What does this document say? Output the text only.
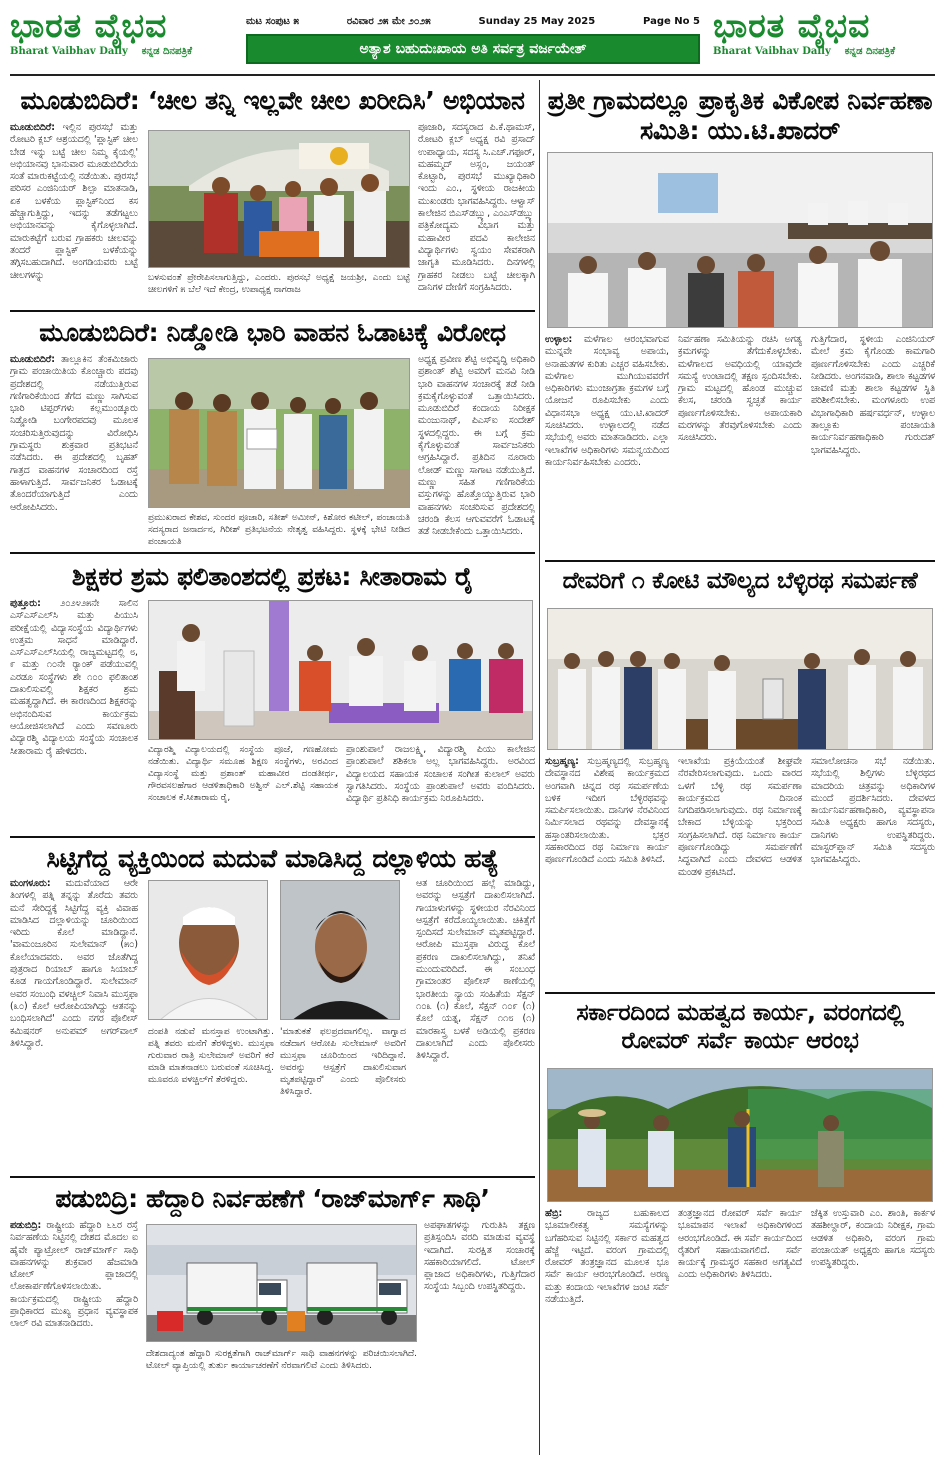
ಭಾರತ ವೈಭವ
Bharat Vaibhav Daily ಕನ್ನಡ ದಿನಪತ್ರಿಕೆ
ಮಟ ಸಂಪುಟ ೫	ರವಿವಾರ ೨೫ ಮೇ ೨೦೨೫	Sunday 25 May 2025	Page No 5
ಅತ್ಯಾಶ ಬಹುದುಃಖಾಯ ಅತಿ ಸರ್ವತ್ರ ವರ್ಜಯೇತ್
ಭಾರತ ವೈಭವ
Bharat Vaibhav Daily ಕನ್ನಡ ದಿನಪತ್ರಿಕೆ
ಮೂಡುಬಿದಿರೆ: ‘ಚೀಲ ತನ್ನಿ ಇಲ್ಲವೇ ಚೀಲ ಖರೀದಿಸಿ’ ಅಭಿಯಾನ
ಮೂಡುಬಿದಿರೆ: ಇಲ್ಲಿನ ಪುರಸಭೆ ಮತ್ತು ರೋಟರಿ ಕ್ಲಬ್ ಆಶ್ರಯದಲ್ಲಿ 'ಪ್ಲಾಸ್ಟಿಕ್ ಚೀಲ ಬೇಡ ಇನ್ನು ಬಟ್ಟೆ ಚೀಲ ನಿಮ್ಮ ಕೈಯಲ್ಲಿ' ಅಭಿಯಾನವು ಭಾನುವಾರ ಮೂಡುಬಿದಿರೆಯ ಸಂತೆ ಮಾರುಕಟ್ಟೆಯಲ್ಲಿ ನಡೆಯಿತು. ಪುರಸಭೆ ಪರಿಸರ ಎಂಜಿನಿಯರ್ ಶಿಲ್ಪಾ ಮಾತನಾಡಿ, ಏಕ ಬಳಕೆಯ ಪ್ಲಾಸ್ಟಿಕ್‌ನಿಂದ ಕಸ ಹೆಚ್ಚಾಗುತ್ತಿದ್ದು, ಇದನ್ನು ತಡೆಗಟ್ಟಲು ಅಭಿಯಾನವನ್ನು ಕೈಗೊಳ್ಳಲಾಗಿದೆ. ಮಾರುಕಟ್ಟೆಗೆ ಬರುವ ಗ್ರಾಹಕರು ಚೀಲವನ್ನು ತಂದರೆ ಪ್ಲಾಸ್ಟಿಕ್ ಬಳಕೆಯನ್ನು ತಗ್ಗಿಸಬಹುದಾಗಿದೆ. ಅಂಗಡಿಯವರು ಬಟ್ಟೆ ಚೀಲಗಳನ್ನು	ಬಳಸುವಂತೆ ಪ್ರೇರೇಪಿಸಲಾಗುತ್ತಿದ್ದು, ಎಂದರು. ಪುರಸಭೆ ಅಧ್ಯಕ್ಷೆ ಜಯಶ್ರೀ, ಎಂದು ಬಟ್ಟೆ ಚೀಲಗಳಿಗೆ ೫ ಬೆಲೆ ಇದೆ ಕೇಂದ್ರ, ಉಪಾಧ್ಯಕ್ಷ ನಾಗರಾಜ
ಪೂಜಾರಿ, ಸದಸ್ಯರಾದ ಪಿ.ಕೆ.ಥಾಮಸ್, ರೋಟರಿ ಕ್ಲಬ್ ಅಧ್ಯಕ್ಷ ರವಿ ಪ್ರಸಾದ್ ಉಪಾಧ್ಯಾಯ, ಸದಸ್ಯ ಸಿ.ಎಚ್.ಗಫೂರ್, ಮಹಮ್ಮದ್ ಅಸ್ಲಂ, ಜಯಂತ್ ಕೊಟ್ಟಾರಿ, ಪುರಸಭೆ ಮುಖ್ಯಾಧಿಕಾರಿ ಇಂದು ಎಂ., ಸ್ಥಳೀಯ ರಾಜಕೀಯ ಮುಖಂಡರು ಭಾಗವಹಿಸಿದ್ದರು. ಆಳ್ವಾಸ್ ಕಾಲೇಜಿನ ಬಿಎಸ್‌ಡಬ್ಲ್ಯು, ಎಂಎಸ್‌ಡಬ್ಲ್ಯು ಪತ್ರಿಕೋದ್ಯಮ ವಿಭಾಗ ಮತ್ತು ಮಹಾವೀರ ಪದವಿ ಕಾಲೇಜಿನ ವಿದ್ಯಾರ್ಥಿಗಳು ಸ್ವಯಂ ಸೇವಕರಾಗಿ ಜಾಗೃತಿ ಮೂಡಿಸಿದರು. ದಿನಗಳಲ್ಲಿ ಗ್ರಾಹಕರ ನೀಡಲು ಬಟ್ಟೆ ಚೀಲಕ್ಕಾಗಿ ದಾನಿಗಳ ದೇಣಿಗೆ ಸಂಗ್ರಹಿಸಿದರು.
ಮೂಡುಬಿದಿರೆ: ನಿಡ್ಡೋಡಿ ಭಾರಿ ವಾಹನ ಓಡಾಟಕ್ಕೆ ವಿರೋಧ
ಮೂಡುಬಿದಿರೆ: ತಾಲ್ಲೂಕಿನ ತೆಂಕಮಿಜಾರು ಗ್ರಾಮ ಪಂಚಾಯಿತಿಯ ಕೊಂಚ್ಚಾರು ಪದವು ಪ್ರದೇಶದಲ್ಲಿ ನಡೆಯುತ್ತಿರುವ ಗಣಿಗಾರಿಕೆಯಿಂದ ತೆಗೆದ ಮಣ್ಣು ಸಾಗಿಸುವ ಭಾರಿ ಟಿಪ್ಪರ್‌ಗಳು ಕಲ್ಲಮುಂಡ್ಕೂರು ನಿಡ್ಡೋಡಿ ಬಂಗೇರಪದವು ಮೂಲಕ ಸಂಚರಿಸುತ್ತಿರುವುದನ್ನು ವಿರೋಧಿಸಿ ಗ್ರಾಮಸ್ಥರು ಶುಕ್ರವಾರ ಪ್ರತಿಭಟನೆ ನಡೆಸಿದರು. ಈ ಪ್ರದೇಶದಲ್ಲಿ ಬೃಹತ್ ಗಾತ್ರದ ವಾಹನಗಳ ಸಂಚಾರದಿಂದ ರಸ್ತೆ ಹಾಳಾಗುತ್ತಿದೆ. ಸಾರ್ವಜನಿಕರ ಓಡಾಟಕ್ಕೆ ತೊಂದರೆಯಾಗುತ್ತಿದೆ ಎಂದು ಆರೋಪಿಸಿದರು.
ಪ್ರಮುಖರಾದ ಕೇಶವ, ಸುಂದರ ಪೂಜಾರಿ, ಸತೀಶ್ ಅಮೀನ್, ಕಿಶೋರ ಕಟೀಲ್, ಪಂಚಾಯತಿ ಸದಸ್ಯರಾದ ಜನಾರ್ದನ, ಗಿರೀಶ್ ಪ್ರತಿಭಟನೆಯ ನೇತೃತ್ವ ವಹಿಸಿದ್ದರು. ಸ್ಥಳಕ್ಕೆ ಭೇಟಿ ನೀಡಿದ ಪಂಚಾಯತಿ
ಅಧ್ಯಕ್ಷ ಪ್ರವೀಣ ಶೆಟ್ಟಿ ಅಭಿವೃದ್ಧಿ ಅಧಿಕಾರಿ ಪ್ರಶಾಂತ್ ಶೆಟ್ಟಿ ಅವರಿಗೆ ಮನವಿ ನೀಡಿ ಭಾರಿ ವಾಹನಗಳ ಸಂಚಾರಕ್ಕೆ ತಡೆ ನೀಡಿ ಕ್ರಮಕೈಗೊಳ್ಳುವಂತೆ ಒತ್ತಾಯಿಸಿದರು. ಮೂಡುಬಿದಿರೆ ಕಂದಾಯ ನಿರೀಕ್ಷಕ ಮಂಜುನಾಥ್, ಪಿಎಸ್ಐ ಸಂದೇಶ್ ಸ್ಥಳದಲ್ಲಿದ್ದರು. ಈ ಬಗ್ಗೆ ಕ್ರಮ ಕೈಗೊಳ್ಳುವಂತೆ ಸಾರ್ವಜನಿಕರು ಆಗ್ರಹಿಸಿದ್ದಾರೆ. ಪ್ರತಿದಿನ ನೂರಾರು ಲೋಡ್ ಮಣ್ಣು ಸಾಗಾಟ ನಡೆಯುತ್ತಿದೆ. ಮಣ್ಣು ಸಹಿತ ಗಣಿಗಾರಿಕೆಯ ವಸ್ತುಗಳನ್ನು ಹೊತ್ತೊಯ್ಯುತ್ತಿರುವ ಭಾರಿ ವಾಹನಗಳು ಸಂಚರಿಸುವ ಪ್ರದೇಶದಲ್ಲಿ ಚರಂಡಿ ಕೆಲಸ ಆಗುವವರೆಗೆ ಓಡಾಟಕ್ಕೆ ತಡೆ ನೀಡಬೇಕೆಂದು ಒತ್ತಾಯಿಸಿದರು.
ಶಿಕ್ಷಕರ ಶ್ರಮ ಫಲಿತಾಂಶದಲ್ಲಿ ಪ್ರಕಟ: ಸೀತಾರಾಮ ರೈ
ಪುತ್ತೂರು: ೨೦೨೪೨೫ನೇ ಸಾಲಿನ ಎಸ್ಎಸ್ಎಲ್‌ಸಿ ಮತ್ತು ಪಿಯುಸಿ ಪರೀಕ್ಷೆಯಲ್ಲಿ ವಿದ್ಯಾಸಂಸ್ಥೆಯ ವಿದ್ಯಾರ್ಥಿಗಳು ಉತ್ತಮ ಸಾಧನೆ ಮಾಡಿದ್ದಾರೆ. ಎಸ್ಎಸ್ಎಲ್‌ಸಿಯಲ್ಲಿ ರಾಜ್ಯಮಟ್ಟದಲ್ಲಿ ೮, ೯ ಮತ್ತು ೧೦ನೇ ರ್‍ಯಾಂಕ್ ಪಡೆಯುವಲ್ಲಿ ಎರಡೂ ಸಂಸ್ಥೆಗಳು ಶೇ ೧೦೦ ಫಲಿತಾಂಶ ದಾಖಲಿಸುವಲ್ಲಿ ಶಿಕ್ಷಕರ ಶ್ರಮ ಮಹತ್ವದ್ದಾಗಿದೆ. ಈ ಕಾರಣದಿಂದ ಶಿಕ್ಷಕರನ್ನು ಅಭಿನಂದಿಸುವ ಕಾರ್ಯಕ್ರಮ ಆಯೋಜಿಸಲಾಗಿದೆ ಎಂದು ಸವಣೂರು ವಿದ್ಯಾರಶ್ಮಿ ವಿದ್ಯಾಲಯ ಸಂಸ್ಥೆಯ ಸಂಚಾಲಕ ಸೀತಾರಾಮ ರೈ ಹೇಳಿದರು.	ವಿದ್ಯಾರಶ್ಮಿ ವಿದ್ಯಾಲಯದಲ್ಲಿ ಸಂಸ್ಥೆಯ ಪೂಜೆ, ಗಣಹೋಮ ನಡೆಯಿತು. ವಿದ್ಯಾರ್ಥಿ ಸಮೂಹ ಶಿಕ್ಷಣ ಸಂಸ್ಥೆಗಳು, ಅರವಿಂದ ವಿದ್ಯಾಸಂಸ್ಥೆ ಮತ್ತು ಪ್ರಶಾಂತ್ ಮಹಾವೀರ ದಂಡತೀರ್ಥ, ಗೌರವಸಲಹೆಗಾರ ಆಡಳಿತಾಧಿಕಾರಿ ಅಶ್ವಿನ್ ಎಲ್.ಶೆಟ್ಟಿ ಸಹಾಯಕ ಸಂಚಾಲಕ ಕೆ.ಸೀತಾರಾಮ ರೈ,
ಪ್ರಾಂಶುಪಾಲೆ ರಾಜಲಕ್ಷ್ಮಿ, ವಿದ್ಯಾರಶ್ಮಿ ಪಿಯು ಕಾಲೇಜಿನ ಪ್ರಾಂಶುಪಾಲೆ ಶಶಿಕಲಾ ಅಲ್ಲ ಭಾಗವಹಿಸಿದ್ದರು. ಅರವಿಂದ ವಿದ್ಯಾಲಯದ ಸಹಾಯಕ ಸಂಚಾಲಕ ಸಂಗೀತ ಕುಲಾಲ್ ಅವರು ಸ್ವಾಗತಿಸಿದರು. ಸಂಸ್ಥೆಯ ಪ್ರಾಂಶುಪಾಲೆ ಅವರು ವಂದಿಸಿದರು. ವಿದ್ಯಾರ್ಥಿ ಪ್ರತಿನಿಧಿ ಕಾರ್ಯಕ್ರಮ ನಿರೂಪಿಸಿದರು.
ಸಿಟ್ಟಿಗೆದ್ದ ವ್ಯಕ್ತಿಯಿಂದ ಮದುವೆ ಮಾಡಿಸಿದ್ದ ದಲ್ಲಾಳಿಯ ಹತ್ಯೆ
ಮಂಗಳೂರು: ಮದುವೆಯಾದ ಆರೇ ತಿಂಗಳಲ್ಲಿ ಪತ್ನಿ ತನ್ನನ್ನು ತೊರೆದು ತವರು ಮನೆ ಸೇರಿದ್ದಕ್ಕೆ ಸಿಟ್ಟಿಗೆದ್ದ ವ್ಯಕ್ತಿ ವಿವಾಹ ಮಾಡಿಸಿದ ದಲ್ಲಾಳಿಯನ್ನು ಚೂರಿಯಿಂದ ಇರಿದು ಕೊಲೆ ಮಾಡಿದ್ದಾನೆ. 'ವಾಮಂಜೂರಿನ ಸುಲೇಮಾನ್ (೫೦) ಕೊಲೆಯಾದವರು. ಅವರ ಜೊತೆಗಿದ್ದ ಪುತ್ರರಾದ ರಿಯಾಬ್ ಹಾಗೂ ಸಿಯಾಬ್ ಕೂಡ ಗಾಯಗೊಂಡಿದ್ದಾರೆ. ಸುಲೇಮಾನ್ ಅವರ ಸಂಬಂಧಿ ವಳಚ್ಚಿಲ್ ನಿವಾಸಿ ಮುಸ್ತಫಾ (೩೦) ಕೊಲೆ ಆರೋಪಿಯಾಗಿದ್ದು ಆತನನ್ನು ಬಂಧಿಸಲಾಗಿದೆ' ಎಂದು ನಗರ ಪೊಲೀಸ್ ಕಮಿಷನರ್ ಅನುಪಮ್ ಅಗರ್‌ವಾಲ್ ತಿಳಿಸಿದ್ದಾರೆ.
ದಂಪತಿ ನಡುವೆ ಮನಸ್ತಾಪ ಉಂಟಾಗಿತ್ತು. ಪತ್ನಿ ತವರು ಮನೆಗೆ ತೆರಳಿದ್ದಳು. ಮುಸ್ತಫಾ ಗುರುವಾರ ರಾತ್ರಿ ಸುಲೇಮಾನ್ ಅವರಿಗೆ ಕರೆ ಮಾಡಿ ಮಾತನಾಡಲು ಬರುವಂತೆ ಸೂಚಿಸಿದ್ದ. ಮೂವರೂ ವಳಚ್ಚಿಲ್‌ಗೆ ತೆರಳಿದ್ದರು.
'ಮಾತುಕತೆ ಫಲಪ್ರದವಾಗಲಿಲ್ಲ. ವಾಗ್ವಾದ ನಡೆದಾಗ ಆರೋಪಿ ಸುಲೇಮಾನ್ ಅವರಿಗೆ ಮುಸ್ತಫಾ ಚೂರಿಯಿಂದ ಇರಿದಿದ್ದಾನೆ. ಅವರನ್ನು ಆಸ್ಪತ್ರೆಗೆ ದಾಖಲಿಸುವಾಗ ಮೃತಪಟ್ಟಿದ್ದಾರೆ' ಎಂದು ಪೊಲೀಸರು ತಿಳಿಸಿದ್ದಾರೆ.
ಆತ ಚೂರಿಯಿಂದ ಹಲ್ಲೆ ಮಾಡಿದ್ದು, ಅವರನ್ನು ಆಸ್ಪತ್ರೆಗೆ ದಾಖಲಿಸಲಾಗಿದೆ. ಗಾಯಾಳುಗಳನ್ನು ಸ್ಥಳೀಯರ ನೆರವಿನಿಂದ ಆಸ್ಪತ್ರೆಗೆ ಕರೆದೊಯ್ಯಲಾಯಿತು. ಚಿಕಿತ್ಸೆಗೆ ಸ್ಪಂದಿಸದೆ ಸುಲೇಮಾನ್ ಮೃತಪಟ್ಟಿದ್ದಾರೆ. ಆರೋಪಿ ಮುಸ್ತಫಾ ವಿರುದ್ಧ ಕೊಲೆ ಪ್ರಕರಣ ದಾಖಲಿಸಲಾಗಿದ್ದು, ತನಿಖೆ ಮುಂದುವರಿದಿದೆ. ಈ ಸಂಬಂಧ ಗ್ರಾಮಾಂತರ ಪೊಲೀಸ್ ಠಾಣೆಯಲ್ಲಿ ಭಾರತೀಯ ನ್ಯಾಯ ಸಂಹಿತೆಯ ಸೆಕ್ಷನ್ ೧೦೩ (೧) ಕೊಲೆ, ಸೆಕ್ಷನ್ ೧೦೯ (೧) ಕೊಲೆ ಯತ್ನ, ಸೆಕ್ಷನ್ ೧೧೮ (೧) ಮಾರಕಾಸ್ತ್ರ ಬಳಕೆ ಅಡಿಯಲ್ಲಿ ಪ್ರಕರಣ ದಾಖಲಾಗಿದೆ ಎಂದು ಪೊಲೀಸರು ತಿಳಿಸಿದ್ದಾರೆ.
ಪಡುಬಿದ್ರಿ: ಹೆದ್ದಾರಿ ನಿರ್ವಹಣೆಗೆ ‘ರಾಜ್‌ಮಾರ್ಗ್ ಸಾಥಿ’
ಪಡುಬಿದ್ರಿ: ರಾಷ್ಟ್ರೀಯ ಹೆದ್ದಾರಿ ೬೬ರ ರಸ್ತೆ ನಿರ್ವಹಣೆಯ ನಿಟ್ಟಿನಲ್ಲಿ ದೇಶದ ಮೊದಲ ಐ ಹೈವೇ ಪ್ಯಾಟ್ರೋಲ್ ರಾಜ್‌ಮಾರ್ಗ್ ಸಾಥಿ ವಾಹನಗಳನ್ನು ಶುಕ್ರವಾರ ಹೆಜಮಾಡಿ ಟೋಲ್ ಪ್ಲಾಜಾದಲ್ಲಿ ಲೋಕಾರ್ಪಣೆಗೊಳಿಸಲಾಯಿತು. ಕಾರ್ಯಕ್ರಮದಲ್ಲಿ ರಾಷ್ಟ್ರೀಯ ಹೆದ್ದಾರಿ ಪ್ರಾಧಿಕಾರದ ಮುಖ್ಯ ಪ್ರಧಾನ ವ್ಯವಸ್ಥಾಪಕ ಲಾಲ್ ರವಿ ಮಾತನಾಡಿದರು.
ದೇಶದಾದ್ಯಂತ ಹೆದ್ದಾರಿ ಸುರಕ್ಷತೆಗಾಗಿ ರಾಜ್‌ಮಾರ್ಗ್ ಸಾಥಿ ವಾಹನಗಳನ್ನು ಪರಿಚಯಿಸಲಾಗಿದೆ. ಟೋಲ್ ವ್ಯಾಪ್ತಿಯಲ್ಲಿ ತುರ್ತು ಕಾರ್ಯಾಚರಣೆಗೆ ನೆರವಾಗಲಿವೆ ಎಂದು ತಿಳಿಸಿದರು.
ಅಪಘಾತಗಳನ್ನು ಗುರುತಿಸಿ ತಕ್ಷಣ ಪ್ರತಿಸ್ಪಂದಿಸಿ ವರದಿ ಮಾಡುವ ವ್ಯವಸ್ಥೆ ಇದಾಗಿದೆ. ಸುರಕ್ಷಿತ ಸಂಚಾರಕ್ಕೆ ಸಹಕಾರಿಯಾಗಲಿದೆ. ಟೋಲ್ ಪ್ಲಾಜಾದ ಅಧಿಕಾರಿಗಳು, ಗುತ್ತಿಗೆದಾರ ಸಂಸ್ಥೆಯ ಸಿಬ್ಬಂದಿ ಉಪಸ್ಥಿತರಿದ್ದರು.
ಪ್ರತೀ ಗ್ರಾಮದಲ್ಲೂ ಪ್ರಾಕೃತಿಕ ವಿಕೋಪ ನಿರ್ವಹಣಾ ಸಮಿತಿ: ಯು.ಟಿ.ಖಾದರ್
ಉಳ್ಳಾಲ: ಮಳೆಗಾಲ ಆರಂಭವಾಗುವ ಮುನ್ನವೇ ಸಂಭಾವ್ಯ ಅಪಾಯ, ಅನಾಹುತಗಳ ಕುರಿತು ಎಚ್ಚರ ವಹಿಸಬೇಕು. ಮಳೆಗಾಲ ಮುಗಿಯುವವರೆಗೆ ಅಧಿಕಾರಿಗಳು ಮುಂಜಾಗ್ರತಾ ಕ್ರಮಗಳ ಬಗ್ಗೆ ಯೋಜನೆ ರೂಪಿಸಬೇಕು ಎಂದು ವಿಧಾನಸಭಾ ಅಧ್ಯಕ್ಷ ಯು.ಟಿ.ಖಾದರ್ ಸೂಚಿಸಿದರು. ಉಳ್ಳಾಲದಲ್ಲಿ ನಡೆದ ಸಭೆಯಲ್ಲಿ ಅವರು ಮಾತನಾಡಿದರು. ಎಲ್ಲಾ ಇಲಾಖೆಗಳ ಅಧಿಕಾರಿಗಳು ಸಮನ್ವಯದಿಂದ ಕಾರ್ಯನಿರ್ವಹಿಸಬೇಕು ಎಂದರು.
ನಿರ್ವಹಣಾ ಸಮಿತಿಯನ್ನು ರಚಿಸಿ ಅಗತ್ಯ ಕ್ರಮಗಳನ್ನು ತೆಗೆದುಕೊಳ್ಳಬೇಕು. ಮಳೆಗಾಲದ ಅವಧಿಯಲ್ಲಿ ಯಾವುದೇ ಸಮಸ್ಯೆ ಉಂಟಾದಲ್ಲಿ ತಕ್ಷಣ ಸ್ಪಂದಿಸಬೇಕು. ಗ್ರಾಮ ಮಟ್ಟದಲ್ಲಿ ಹೊಂಡ ಮುಚ್ಚುವ ಕೆಲಸ, ಚರಂಡಿ ಸ್ವಚ್ಛತೆ ಕಾರ್ಯ ಪೂರ್ಣಗೊಳಿಸಬೇಕು. ಅಪಾಯಕಾರಿ ಮರಗಳನ್ನು ತೆರವುಗೊಳಿಸಬೇಕು ಎಂದು ಸೂಚಿಸಿದರು.
ಗುತ್ತಿಗೆದಾರ, ಸ್ಥಳೀಯ ಎಂಜಿನಿಯರ್ ಮೇಲೆ ಕ್ರಮ ಕೈಗೊಂಡು ಕಾಮಗಾರಿ ಪೂರ್ಣಗೊಳಿಸಬೇಕು ಎಂದು ಎಚ್ಚರಿಕೆ ನೀಡಿದರು. ಅಂಗನವಾಡಿ, ಶಾಲಾ ಕಟ್ಟಡಗಳ ಚಾವಣಿ ಮತ್ತು ಶಾಲಾ ಕಟ್ಟಡಗಳ ಸ್ಥಿತಿ ಪರಿಶೀಲಿಸಬೇಕು. ಮಂಗಳೂರು ಉಪ ವಿಭಾಗಾಧಿಕಾರಿ ಹರ್ಷವರ್ಧನ್, ಉಳ್ಳಾಲ ತಾಲ್ಲೂಕು ಪಂಚಾಯತಿ ಕಾರ್ಯನಿರ್ವಹಣಾಧಿಕಾರಿ ಗುರುದತ್ ಭಾಗವಹಿಸಿದ್ದರು.
ದೇವರಿಗೆ ೧ ಕೋಟಿ ಮೌಲ್ಯದ ಬೆಳ್ಳಿರಥ ಸಮರ್ಪಣೆ
ಸುಬ್ರಹ್ಮಣ್ಯ: ಸುಬ್ರಹ್ಮಣ್ಯದಲ್ಲಿ ಸುಬ್ರಹ್ಮಣ್ಯ ದೇವಸ್ಥಾನದ ವಿಶೇಷ ಕಾರ್ಯಕ್ರಮದ ಅಂಗವಾಗಿ ಚಿನ್ನದ ರಥ ಸಮರ್ಪಣೆಯ ಬಳಿಕ ಇದೀಗ ಬೆಳ್ಳಿರಥವನ್ನು ಸಮರ್ಪಿಸಲಾಯಿತು. ದಾನಿಗಳ ನೆರವಿನಿಂದ ನಿರ್ಮಿಸಲಾದ ರಥವನ್ನು ದೇವಸ್ಥಾನಕ್ಕೆ ಹಸ್ತಾಂತರಿಸಲಾಯಿತು. ಭಕ್ತರ ಸಹಕಾರದಿಂದ ರಥ ನಿರ್ಮಾಣ ಕಾರ್ಯ ಪೂರ್ಣಗೊಂಡಿದೆ ಎಂದು ಸಮಿತಿ ತಿಳಿಸಿದೆ.
ಇಲಾಖೆಯ ಪ್ರಕ್ರಿಯೆಯಂತೆ ಶೀಘ್ರವೇ ನೆರವೇರಿಸಲಾಗುವುದು. ಒಂದು ವಾರದ ಒಳಗೆ ಬೆಳ್ಳಿ ರಥ ಸಮರ್ಪಣಾ ಕಾರ್ಯಕ್ರಮದ ದಿನಾಂಕ ನಿಗದಿಪಡಿಸಲಾಗುವುದು. ರಥ ನಿರ್ಮಾಣಕ್ಕೆ ಬೇಕಾದ ಬೆಳ್ಳಿಯನ್ನು ಭಕ್ತರಿಂದ ಸಂಗ್ರಹಿಸಲಾಗಿದೆ. ರಥ ನಿರ್ಮಾಣ ಕಾರ್ಯ ಪೂರ್ಣಗೊಂಡಿದ್ದು ಸಮರ್ಪಣೆಗೆ ಸಿದ್ಧವಾಗಿದೆ ಎಂದು ದೇವಳದ ಆಡಳಿತ ಮಂಡಳಿ ಪ್ರಕಟಿಸಿದೆ.
ಸಮಾಲೋಚನಾ ಸಭೆ ನಡೆಯಿತು. ಸಭೆಯಲ್ಲಿ ಶಿಲ್ಪಿಗಳು ಬೆಳ್ಳಿರಥದ ಮಾದರಿಯ ಚಿತ್ರವನ್ನು ಅಧಿಕಾರಿಗಳ ಮುಂದೆ ಪ್ರದರ್ಶಿಸಿದರು. ದೇವಳದ ಕಾರ್ಯನಿರ್ವಹಣಾಧಿಕಾರಿ, ವ್ಯವಸ್ಥಾಪನಾ ಸಮಿತಿ ಅಧ್ಯಕ್ಷರು ಹಾಗೂ ಸದಸ್ಯರು, ದಾನಿಗಳು ಉಪಸ್ಥಿತರಿದ್ದರು. ಮಾಸ್ಟರ್‌ಪ್ಲಾನ್ ಸಮಿತಿ ಸದಸ್ಯರು ಭಾಗವಹಿಸಿದ್ದರು.
ಸರ್ಕಾರದಿಂದ ಮಹತ್ವದ ಕಾರ್ಯ, ವರಂಗದಲ್ಲಿ ರೋವರ್ ಸರ್ವೆ ಕಾರ್ಯ ಆರಂಭ
ಹೆಬ್ರಿ:	ರಾಜ್ಯದ ಬಹುಕಾಲದ ಭೂಮಾಲೀಕತ್ವ ಸಮಸ್ಯೆಗಳನ್ನು ಬಗೆಹರಿಸುವ ನಿಟ್ಟಿನಲ್ಲಿ ಸರ್ಕಾರ ಮಹತ್ವದ ಹೆಜ್ಜೆ ಇಟ್ಟಿದೆ. ವರಂಗ ಗ್ರಾಮದಲ್ಲಿ ರೋವರ್ ತಂತ್ರಜ್ಞಾನದ ಮೂಲಕ ಭೂ ಸರ್ವೆ ಕಾರ್ಯ ಆರಂಭಗೊಂಡಿದೆ. ಅರಣ್ಯ ಮತ್ತು ಕಂದಾಯ ಇಲಾಖೆಗಳ ಜಂಟಿ ಸರ್ವೆ ನಡೆಯುತ್ತಿದೆ.
ತಂತ್ರಜ್ಞಾನದ ರೋವರ್ ಸರ್ವೆ ಕಾರ್ಯ ಭೂಮಾಪನ ಇಲಾಖೆ ಅಧಿಕಾರಿಗಳಿಂದ ಆರಂಭಗೊಂಡಿದೆ. ಈ ಸರ್ವೆ ಕಾರ್ಯದಿಂದ ರೈತರಿಗೆ ಸಹಾಯವಾಗಲಿದೆ. ಸರ್ವೆ ಕಾರ್ಯಕ್ಕೆ ಗ್ರಾಮಸ್ಥರ ಸಹಕಾರ ಅಗತ್ಯವಿದೆ ಎಂದು ಅಧಿಕಾರಿಗಳು ತಿಳಿಸಿದರು.
ಜೆಕ್ಕಿತ ಉಸ್ತುವಾರಿ ಎಂ. ಶಾಂತಿ, ಕಾರ್ಕಳ ತಹಶೀಲ್ದಾರ್, ಕಂದಾಯ ನಿರೀಕ್ಷಕ, ಗ್ರಾಮ ಆಡಳಿತ ಅಧಿಕಾರಿ, ವರಂಗ ಗ್ರಾಮ ಪಂಚಾಯತ್ ಅಧ್ಯಕ್ಷರು ಹಾಗೂ ಸದಸ್ಯರು ಉಪಸ್ಥಿತರಿದ್ದರು.
